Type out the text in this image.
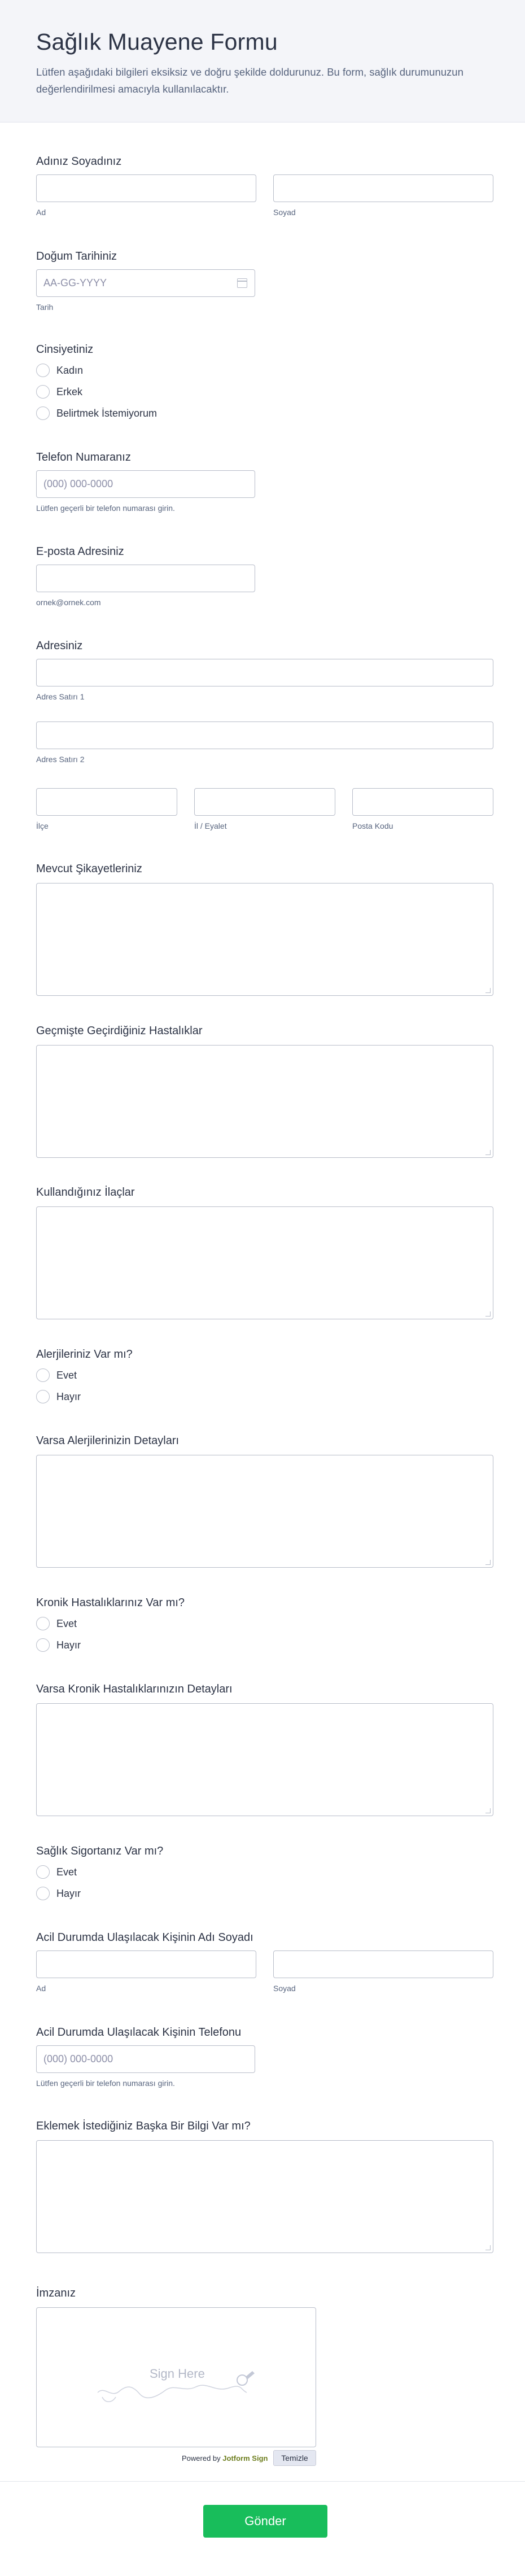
Sağlık Muayene Formu

Lütfen aşağıdaki bilgileri eksiksiz ve doğru şekilde doldurunuz. Bu form, sağlık durumunuzun değerlendirilmesi amacıyla kullanılacaktır.

Adınız Soyadınız
Ad	Soyad
Doğum Tarihiniz
AA-GG-YYYY
Tarih
Cinsiyetiniz
Kadın
Erkek
Belirtmek İstemiyorum
Telefon Numaranız
(000) 000-0000
Lütfen geçerli bir telefon numarası girin.
E-posta Adresiniz
ornek@ornek.com
Adresiniz
Adres Satırı 1
Adres Satırı 2
İlçe	İl / Eyalet	Posta Kodu
Mevcut Şikayetleriniz
Geçmişte Geçirdiğiniz Hastalıklar
Kullandığınız İlaçlar
Alerjileriniz Var mı?
Evet
Hayır
Varsa Alerjilerinizin Detayları
Kronik Hastalıklarınız Var mı?
Evet
Hayır
Varsa Kronik Hastalıklarınızın Detayları
Sağlık Sigortanız Var mı?
Evet
Hayır
Acil Durumda Ulaşılacak Kişinin Adı Soyadı
Ad	Soyad
Acil Durumda Ulaşılacak Kişinin Telefonu
(000) 000-0000
Lütfen geçerli bir telefon numarası girin.
Eklemek İstediğiniz Başka Bir Bilgi Var mı?
İmzanız
Sign Here
Powered by Jotform Sign	Temizle
Gönder
